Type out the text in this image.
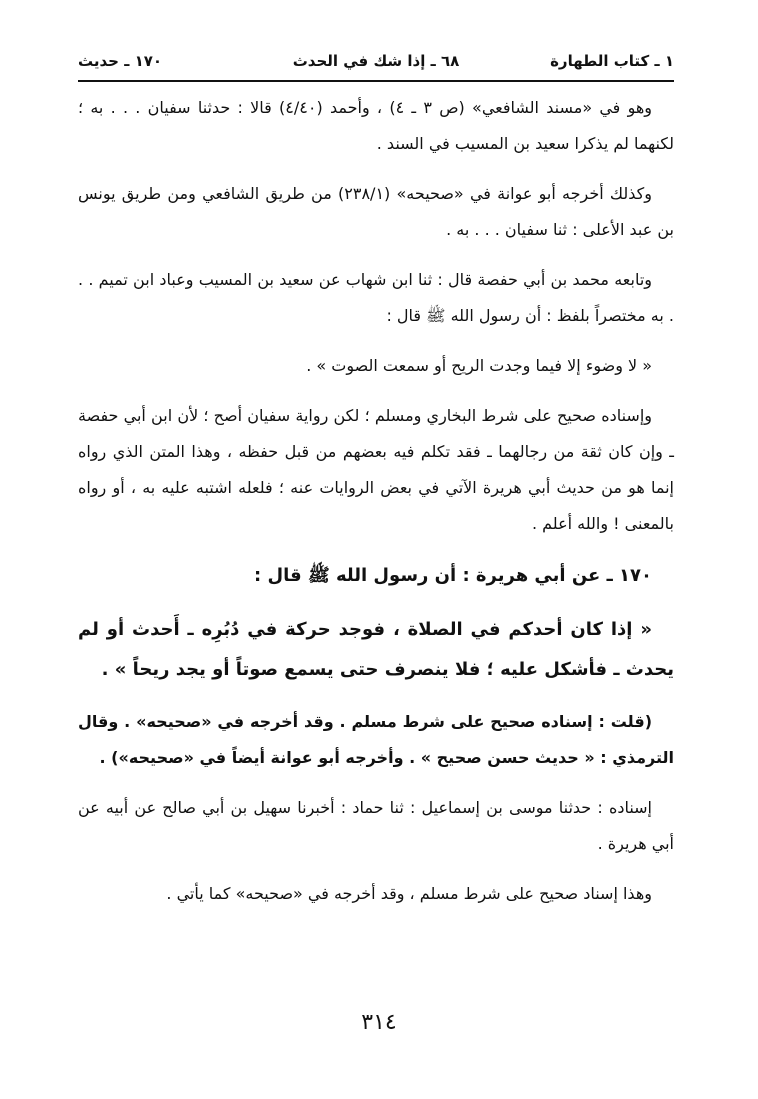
١ ـ كتاب الطهارة
٦٨ ـ إذا شك في الحدث
١٧٠ ـ حديث

وهو في «مسند الشافعي» (ص ٣ ـ ٤) ، وأحمد (٤/٤٠) قالا : حدثنا سفيان . . . به ؛ لكنهما لم يذكرا سعيد بن المسيب في السند .

وكذلك أخرجه أبو عوانة في «صحيحه» (٢٣٨/١) من طريق الشافعي ومن طريق يونس بن عبد الأعلى : ثنا سفيان . . . به .

وتابعه محمد بن أبي حفصة قال : ثنا ابن شهاب عن سعيد بن المسيب وعباد ابن تميم . . . به مختصراً بلفظ : أن رسول الله ﷺ قال :

« لا وضوء إلا فيما وجدت الريح أو سمعت الصوت » .

وإسناده صحيح على شرط البخاري ومسلم ؛ لكن رواية سفيان أصح ؛ لأن ابن أبي حفصة ـ وإن كان ثقة من رجالهما ـ فقد تكلم فيه بعضهم من قبل حفظه ، وهذا المتن الذي رواه إنما هو من حديث أبي هريرة الآتي في بعض الروايات عنه ؛ فلعله اشتبه عليه به ، أو رواه بالمعنى ! والله أعلم .

١٧٠ ـ عن أبي هريرة : أن رسول الله ﷺ قال :

« إذا كان أحدكم في الصلاة ، فوجد حركة في دُبُرِه ـ أَحدث أو لم يحدث ـ فأشكل عليه ؛ فلا ينصرف حتى يسمع صوتاً أو يجد ريحاً » .

(قلت : إسناده صحيح على شرط مسلم . وقد أخرجه في «صحيحه» . وقال الترمذي : « حديث حسن صحيح » . وأخرجه أبو عوانة أيضاً في «صحيحه») .

إسناده : حدثنا موسى بن إسماعيل : ثنا حماد : أخبرنا سهيل بن أبي صالح عن أبيه عن أبي هريرة .

وهذا إسناد صحيح على شرط مسلم ، وقد أخرجه في «صحيحه» كما يأتي .

٣١٤
